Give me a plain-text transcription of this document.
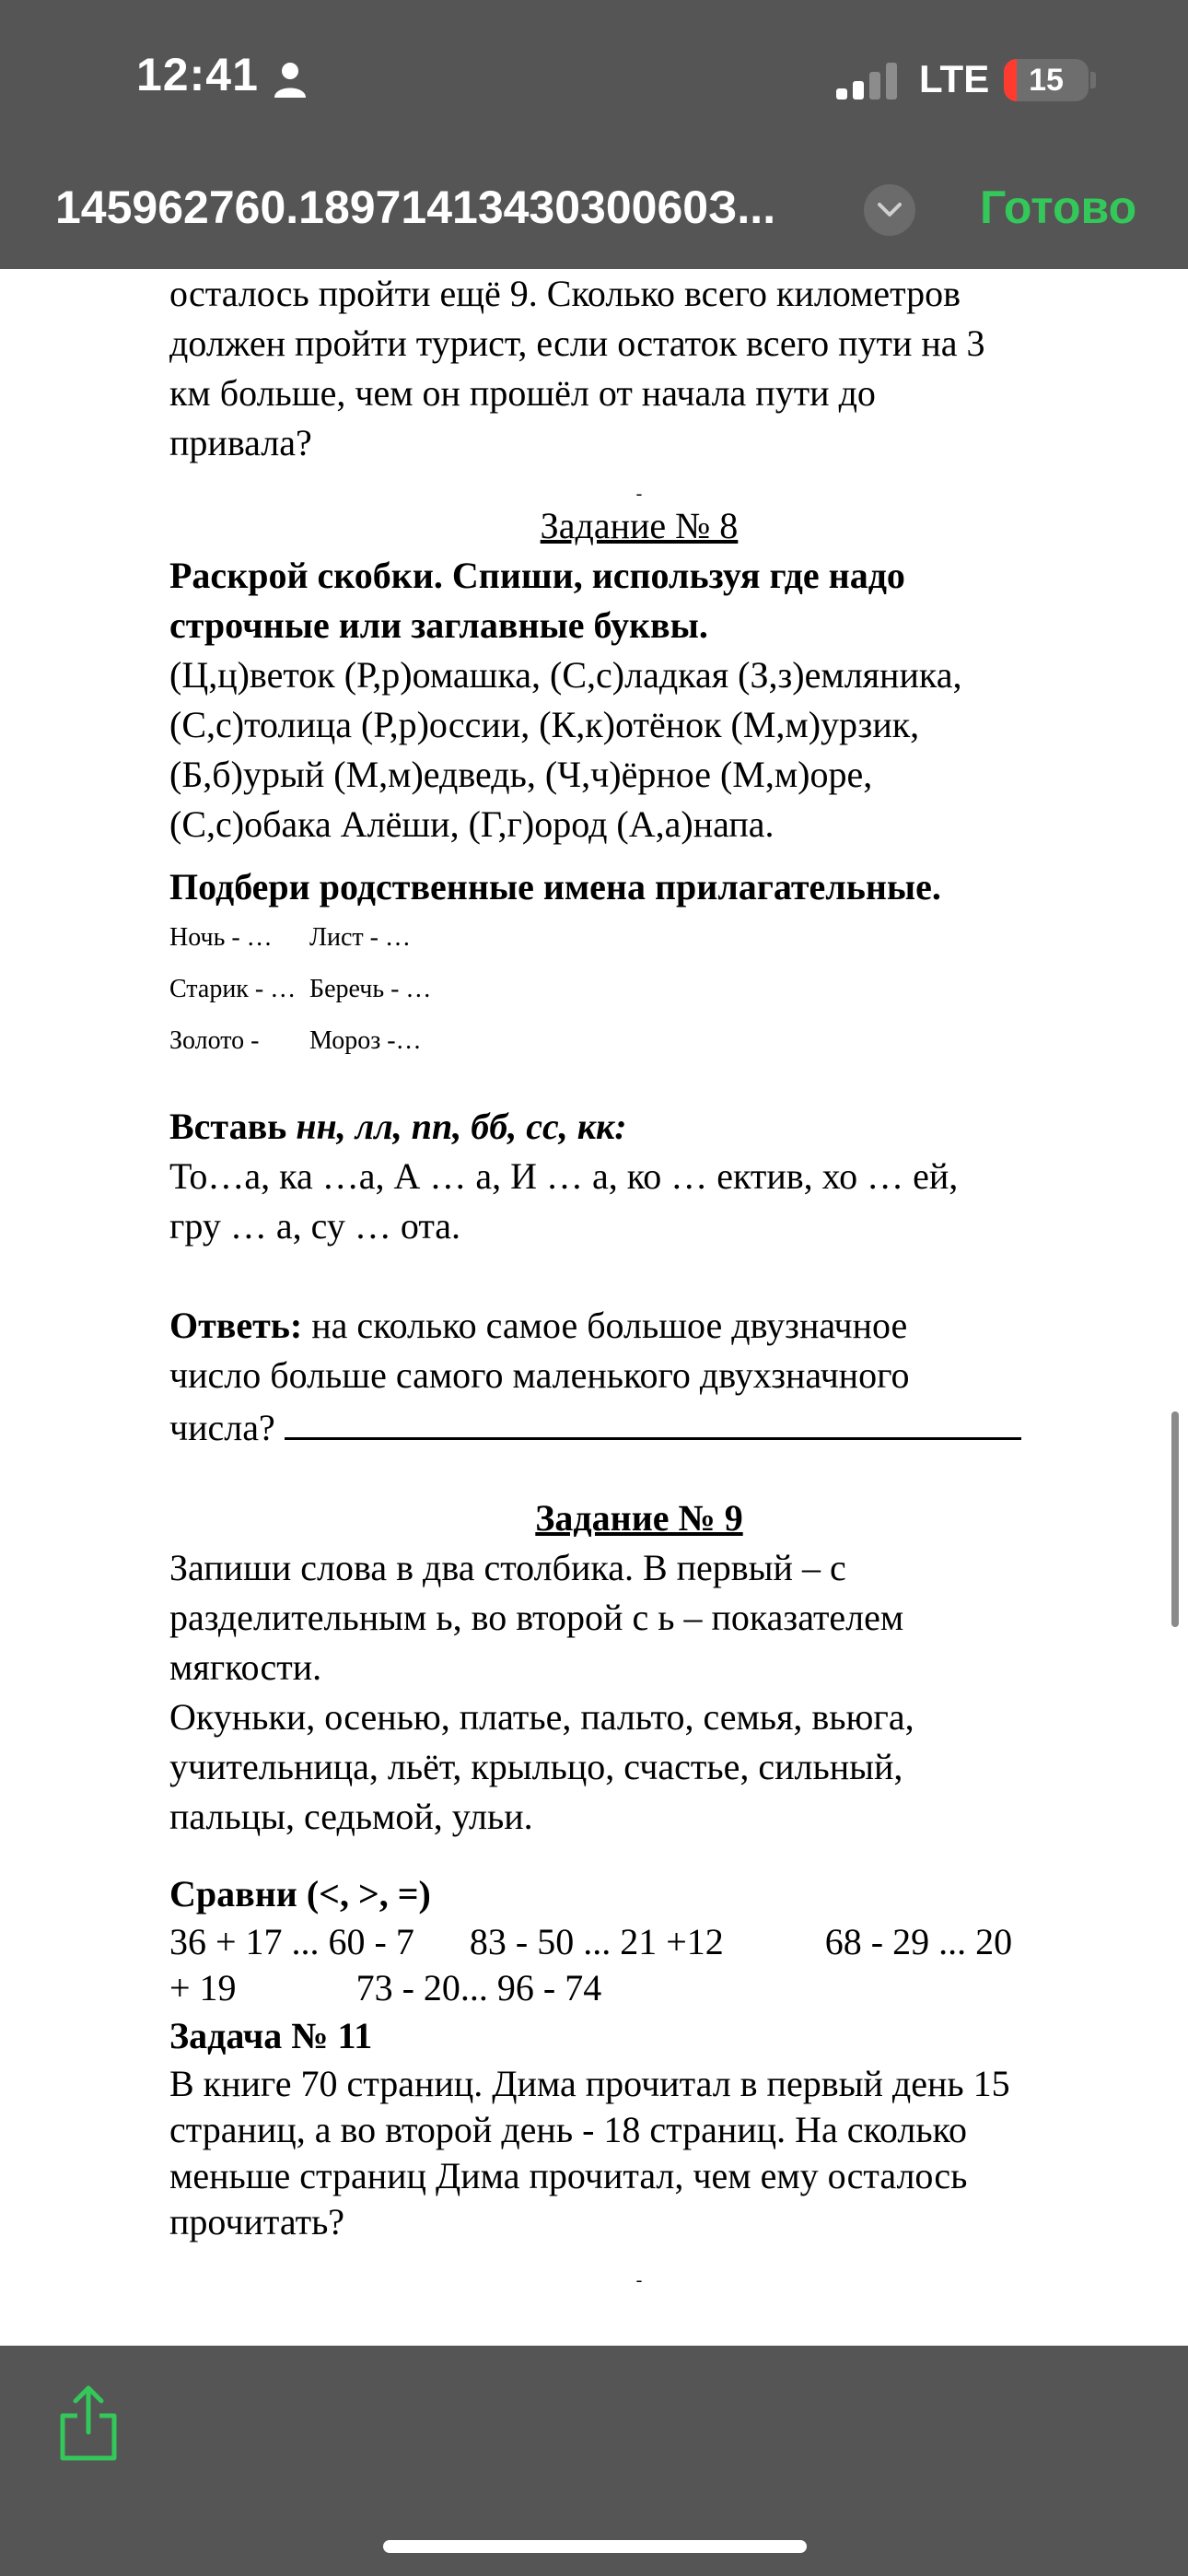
12:41	LTE	15
145962760.1897141343030060З...	Готово

осталось пройти ещё 9. Сколько всего километров

должен пройти турист, если остаток всего пути на 3

км больше, чем он прошёл от начала пути до

привала?

-

Задание № 8

Раскрой скобки. Спиши, используя где надо

строчные или заглавные буквы.

(Ц,ц)веток (Р,р)омашка, (С,с)ладкая (З,з)емляника,

(С,с)толица (Р,р)оссии, (К,к)отёнок (М,м)урзик,

(Б,б)урый (М,м)едведь, (Ч,ч)ёрное (М,м)оре,

(С,с)обака Алёши, (Г,г)ород (А,а)напа.

Подбери родственные имена прилагательные.

Ночь - …	Лист - …
Старик - … Беречь - …
Золото -	Мороз -…

Вставь нн, лл, пп, бб, сс, кк:

То…а, ка …а, А … а, И … а, ко … ектив, хо … ей,

гру … а, су … ота.

Ответь: на сколько самое большое двузначное

число больше самого маленького двухзначного

числа?

Задание № 9

Запиши слова в два столбика. В первый – с

разделительным ь, во второй с ь – показателем

мягкости.

Окуньки, осенью, платье, пальто, семья, вьюга,

учительница, льёт, крыльцо, счастье, сильный,

пальцы, седьмой, ульи.

Сравни (<, >, =)

36 + 17 ... 60 - 7 83 - 50 ... 21 +12	68 - 29 ... 20

+ 19	73 - 20... 96 - 74

Задача № 11

В книге 70 страниц. Дима прочитал в первый день 15

страниц, а во второй день - 18 страниц. На сколько

меньше страниц Дима прочитал, чем ему осталось

прочитать?

-
